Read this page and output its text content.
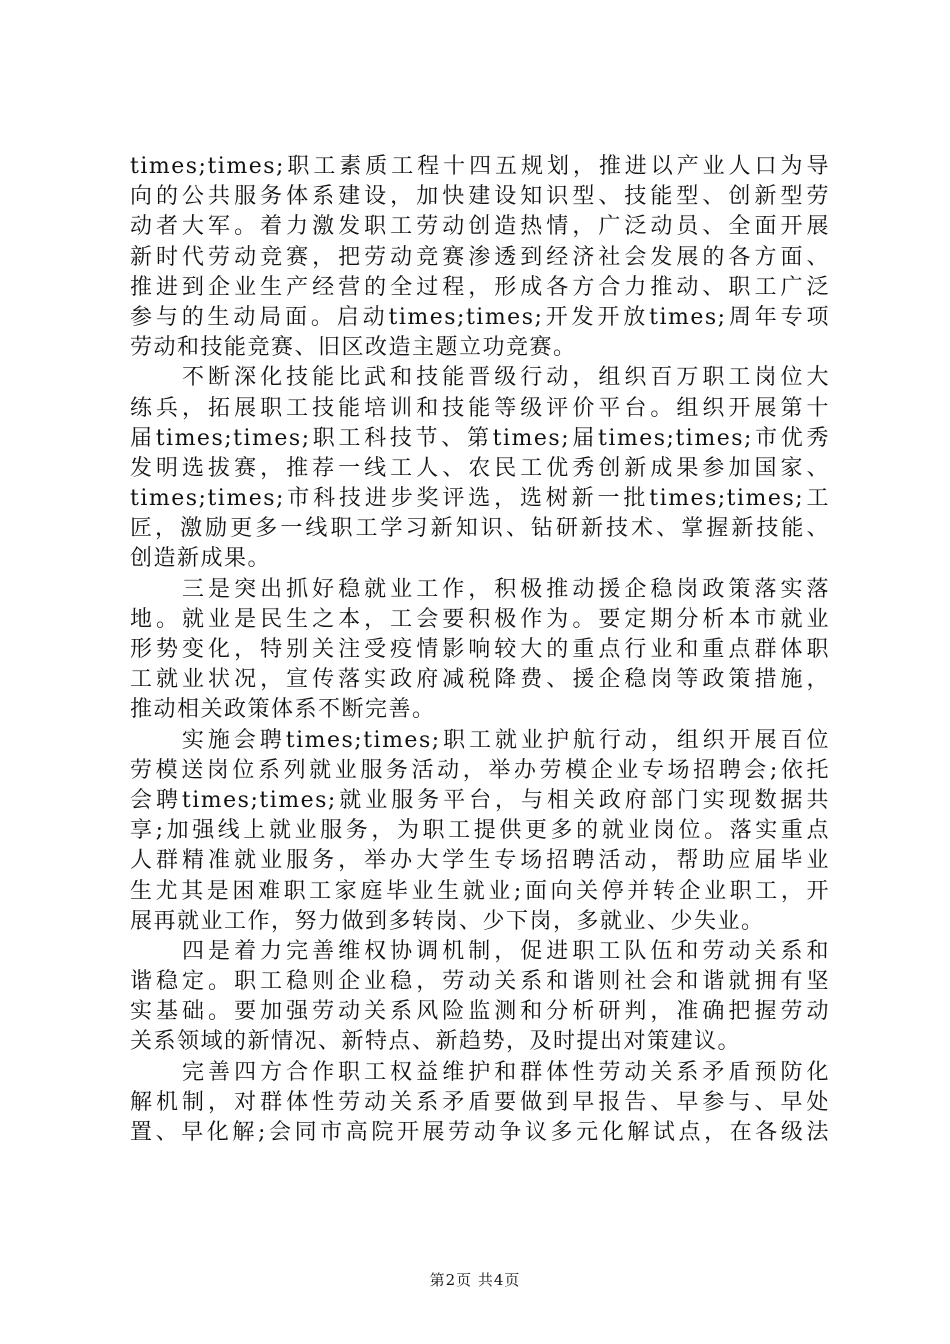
times;times;职工素质工程十四五规划，推进以产业人口为导
向的公共服务体系建设，加快建设知识型、技能型、创新型劳
动者大军。着力激发职工劳动创造热情，广泛动员、全面开展
新时代劳动竞赛，把劳动竞赛渗透到经济社会发展的各方面、
推进到企业生产经营的全过程，形成各方合力推动、职工广泛
参与的生动局面。启动times;times;开发开放times;周年专项
劳动和技能竞赛、旧区改造主题立功竞赛。
　　不断深化技能比武和技能晋级行动，组织百万职工岗位大
练兵，拓展职工技能培训和技能等级评价平台。组织开展第十
届times;times;职工科技节、第times;届times;times;市优秀
发明选拔赛，推荐一线工人、农民工优秀创新成果参加国家、
times;times;市科技进步奖评选，选树新一批times;times;工
匠，激励更多一线职工学习新知识、钻研新技术、掌握新技能、
创造新成果。
　　三是突出抓好稳就业工作，积极推动援企稳岗政策落实落
地。就业是民生之本，工会要积极作为。要定期分析本市就业
形势变化，特别关注受疫情影响较大的重点行业和重点群体职
工就业状况，宣传落实政府减税降费、援企稳岗等政策措施，
推动相关政策体系不断完善。
　　实施会聘times;times;职工就业护航行动，组织开展百位
劳模送岗位系列就业服务活动，举办劳模企业专场招聘会;依托
会聘times;times;就业服务平台，与相关政府部门实现数据共
享;加强线上就业服务，为职工提供更多的就业岗位。落实重点
人群精准就业服务，举办大学生专场招聘活动，帮助应届毕业
生尤其是困难职工家庭毕业生就业;面向关停并转企业职工，开
展再就业工作，努力做到多转岗、少下岗，多就业、少失业。
　　四是着力完善维权协调机制，促进职工队伍和劳动关系和
谐稳定。职工稳则企业稳，劳动关系和谐则社会和谐就拥有坚
实基础。要加强劳动关系风险监测和分析研判，准确把握劳动
关系领域的新情况、新特点、新趋势，及时提出对策建议。
　　完善四方合作职工权益维护和群体性劳动关系矛盾预防化
解机制，对群体性劳动关系矛盾要做到早报告、早参与、早处
置、早化解;会同市高院开展劳动争议多元化解试点，在各级法
第2页 共4页
